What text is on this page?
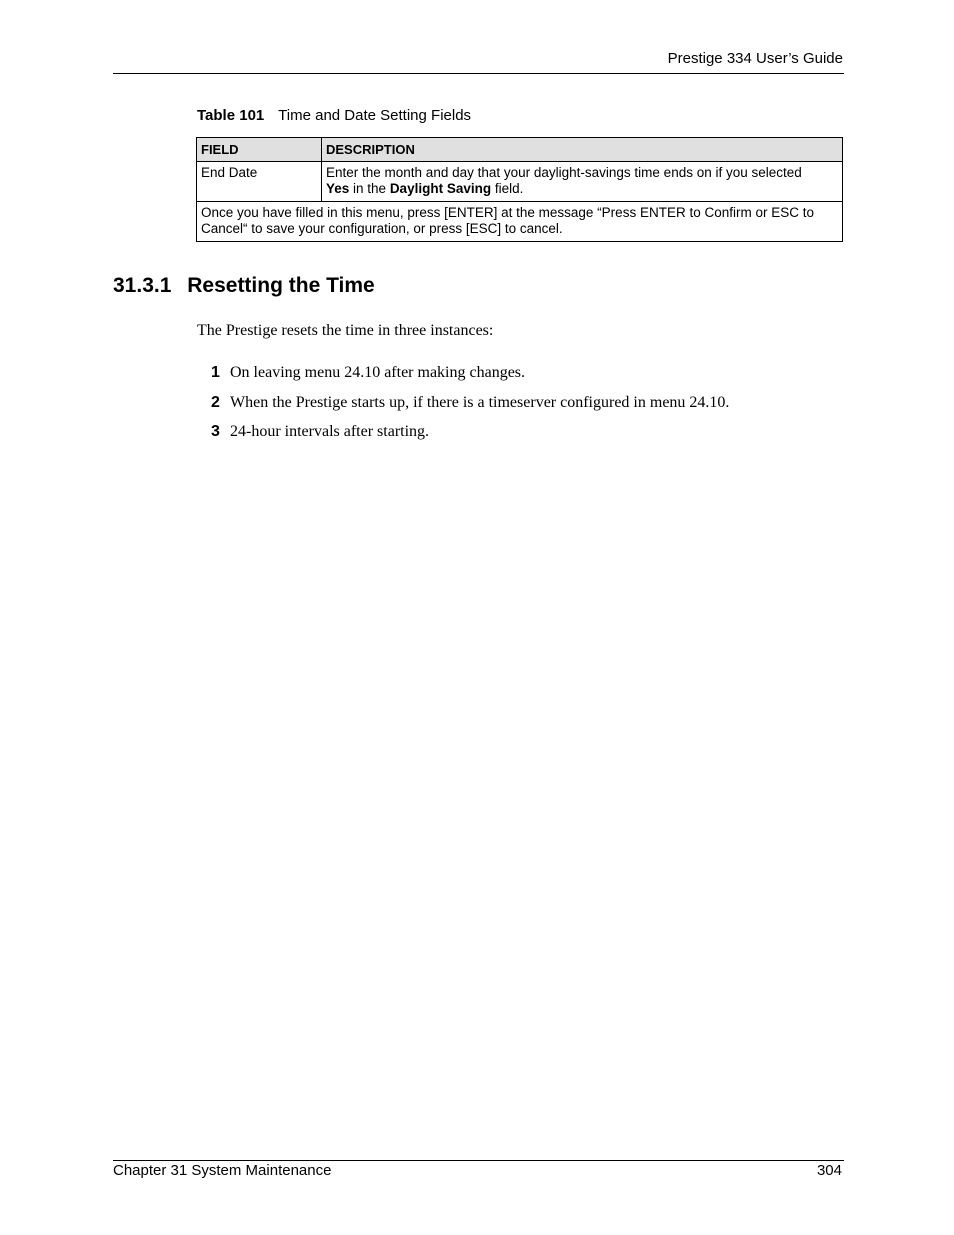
Prestige 334 User’s Guide
Table 101 Time and Date Setting Fields
FIELD	DESCRIPTION
End Date	Enter the month and day that your daylight-savings time ends on if you selected
Yes in the Daylight Saving field.
Once you have filled in this menu, press [ENTER] at the message “Press ENTER to Confirm or ESC to Cancel“ to save your configuration, or press [ESC] to cancel.	
31.3.1 Resetting the Time
The Prestige resets the time in three instances:
1 On leaving menu 24.10 after making changes.
2 When the Prestige starts up, if there is a timeserver configured in menu 24.10.
3 24-hour intervals after starting.
Chapter 31 System Maintenance	304
